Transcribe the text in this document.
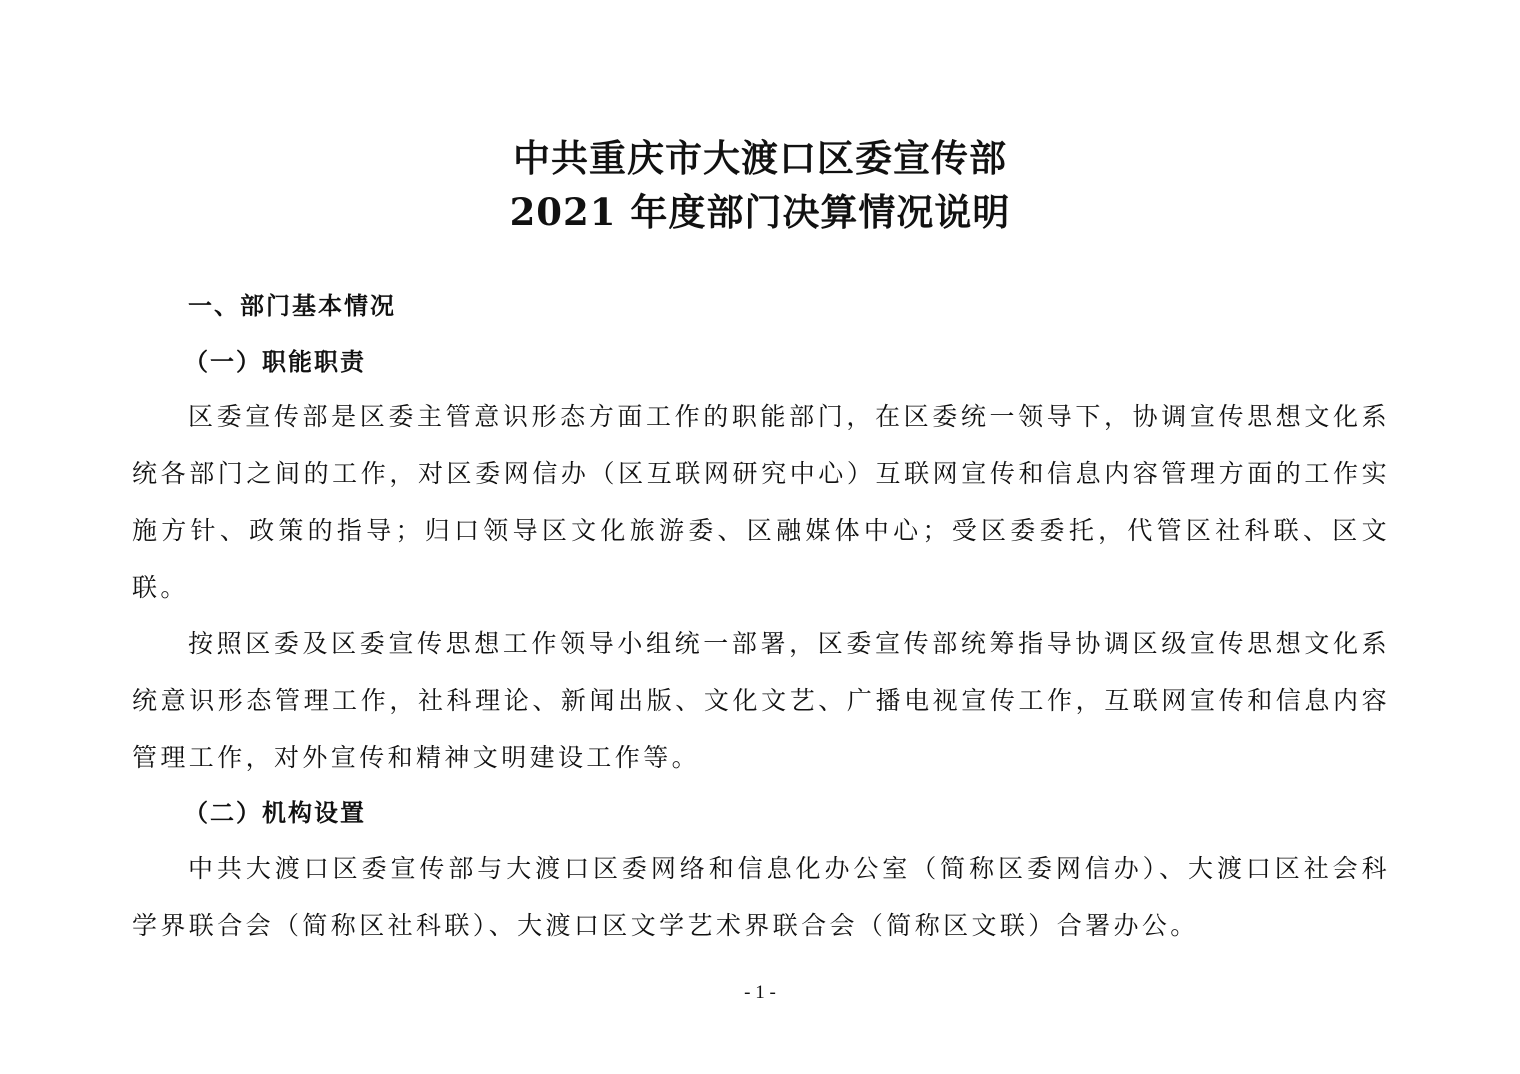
中共重庆市大渡口区委宣传部
2021 年度部门决算情况说明
一、部门基本情况
（一）职能职责
区委宣传部是区委主管意识形态方面工作的职能部门，在区委统一领导下，协调宣传思想文化系统各部门之间的工作，对区委网信办（区互联网研究中心）互联网宣传和信息内容管理方面的工作实施方针、政策的指导；归口领导区文化旅游委、区融媒体中心；受区委委托，代管区社科联、区文联。
按照区委及区委宣传思想工作领导小组统一部署，区委宣传部统筹指导协调区级宣传思想文化系统意识形态管理工作，社科理论、新闻出版、文化文艺、广播电视宣传工作，互联网宣传和信息内容管理工作，对外宣传和精神文明建设工作等。
（二）机构设置
中共大渡口区委宣传部与大渡口区委网络和信息化办公室（简称区委网信办）、大渡口区社会科学界联合会（简称区社科联）、大渡口区文学艺术界联合会（简称区文联）合署办公。
- 1 -
